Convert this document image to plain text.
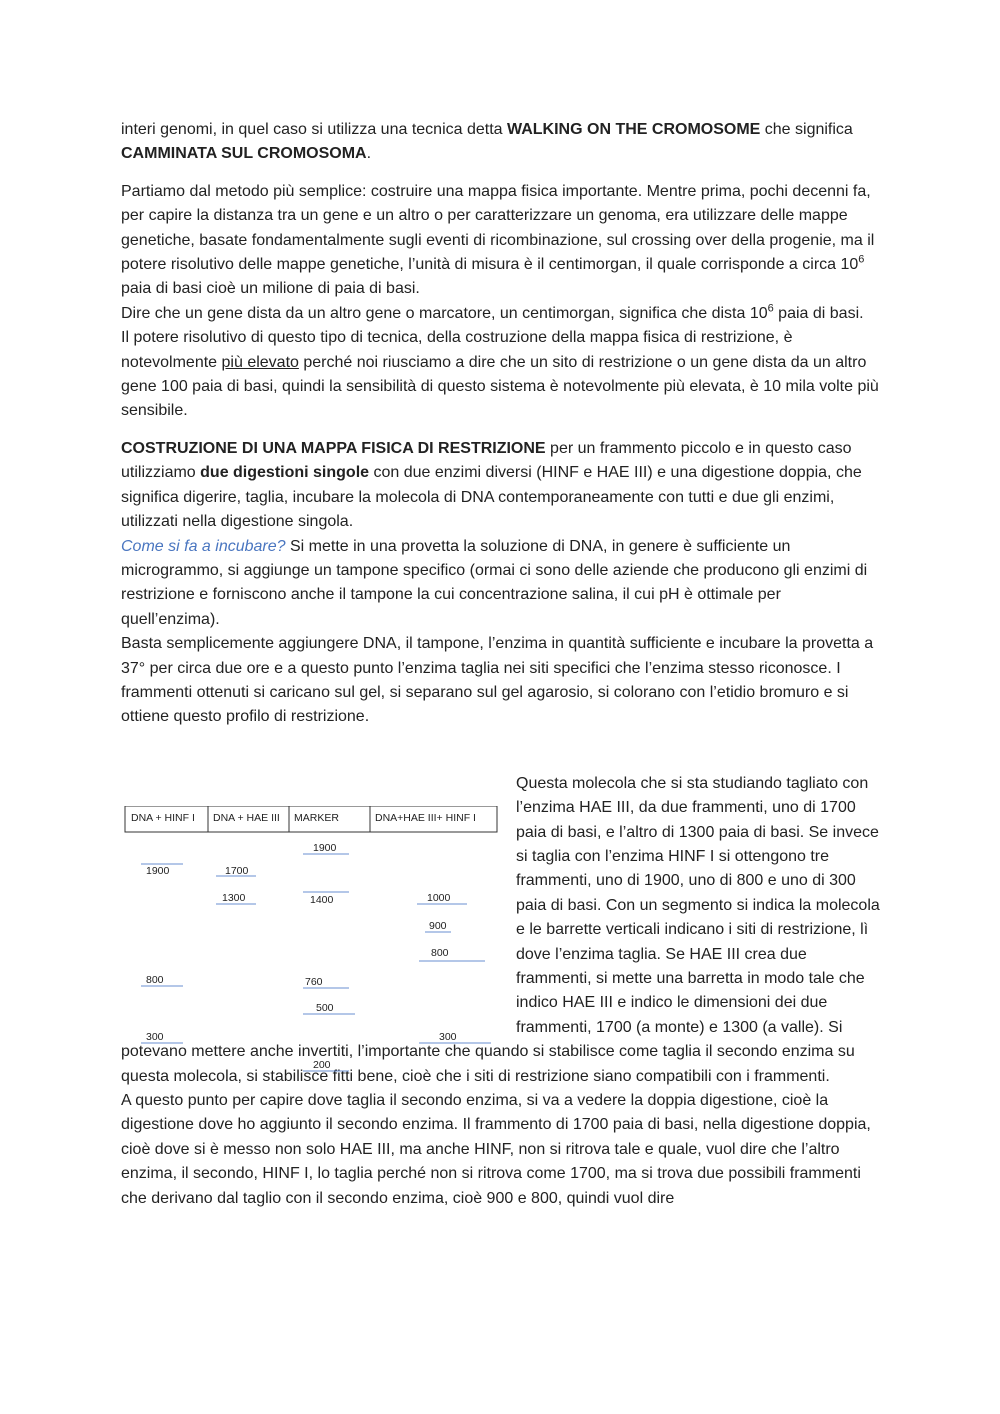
interi genomi, in quel caso si utilizza una tecnica detta WALKING ON THE CROMOSOME che significa CAMMINATA SUL CROMOSOMA.

Partiamo dal metodo più semplice: costruire una mappa fisica importante. Mentre prima, pochi decenni fa, per capire la distanza tra un gene e un altro o per caratterizzare un genoma, era utilizzare delle mappe genetiche, basate fondamentalmente sugli eventi di ricombinazione, sul crossing over della progenie, ma il potere risolutivo delle mappe genetiche, l’unità di misura è il centimorgan, il quale corrisponde a circa $10^6$ paia di basi cioè un milione di paia di basi.
Dire che un gene dista da un altro gene o marcatore, un centimorgan, significa che dista $10^6$ paia di basi.
Il potere risolutivo di questo tipo di tecnica, della costruzione della mappa fisica di restrizione, è notevolmente più elevato perché noi riusciamo a dire che un sito di restrizione o un gene dista da un altro gene 100 paia di basi, quindi la sensibilità di questo sistema è notevolmente più elevata, è 10 mila volte più sensibile.

COSTRUZIONE DI UNA MAPPA FISICA DI RESTRIZIONE per un frammento piccolo e in questo caso utilizziamo due digestioni singole con due enzimi diversi (HINF e HAE III) e una digestione doppia, che significa digerire, taglia, incubare la molecola di DNA contemporaneamente con tutti e due gli enzimi, utilizzati nella digestione singola.
Come si fa a incubare? Si mette in una provetta la soluzione di DNA, in genere è sufficiente un microgrammo, si aggiunge un tampone specifico (ormai ci sono delle aziende che producono gli enzimi di restrizione e forniscono anche il tampone la cui concentrazione salina, il cui pH è ottimale per quell’enzima).
Basta semplicemente aggiungere DNA, il tampone, l’enzima in quantità sufficiente e incubare la provetta a 37° per circa due ore e a questo punto l’enzima taglia nei siti specifici che l’enzima stesso riconosce. I frammenti ottenuti si caricano sul gel, si separano sul gel agarosio, si colorano con l’etidio bromuro e si ottiene questo profilo di restrizione.

DNA + HINF I DNA + HAE III MARKER	DNA+HAE III+ HINF I
1900
800
300
1700
1300
1900
1400
760
500
200
1000
900
800
300

Questa molecola che si sta studiando tagliato con l’enzima HAE III, da due frammenti, uno di 1700 paia di basi, e l’altro di 1300 paia di basi. Se invece si taglia con l’enzima HINF I si ottengono tre frammenti, uno di 1900, uno di 800 e uno di 300 paia di basi. Con un segmento si indica la molecola e le barrette verticali indicano i siti di restrizione, lì dove l’enzima taglia. Se HAE III crea due frammenti, si mette una barretta in modo tale che indico HAE III e indico le dimensioni dei due frammenti, 1700 (a monte) e 1300 (a valle). Si

potevano mettere anche invertiti, l’importante che quando si stabilisce come taglia il secondo enzima su questa molecola, si stabilisce fitti bene, cioè che i siti di restrizione siano compatibili con i frammenti.
A questo punto per capire dove taglia il secondo enzima, si va a vedere la doppia digestione, cioè la digestione dove ho aggiunto il secondo enzima. Il frammento di 1700 paia di basi, nella digestione doppia, cioè dove si è messo non solo HAE III, ma anche HINF, non si ritrova tale e quale, vuol dire che l’altro enzima, il secondo, HINF I, lo taglia perché non si ritrova come 1700, ma si trova due possibili frammenti che derivano dal taglio con il secondo enzima, cioè 900 e 800, quindi vuol dire
